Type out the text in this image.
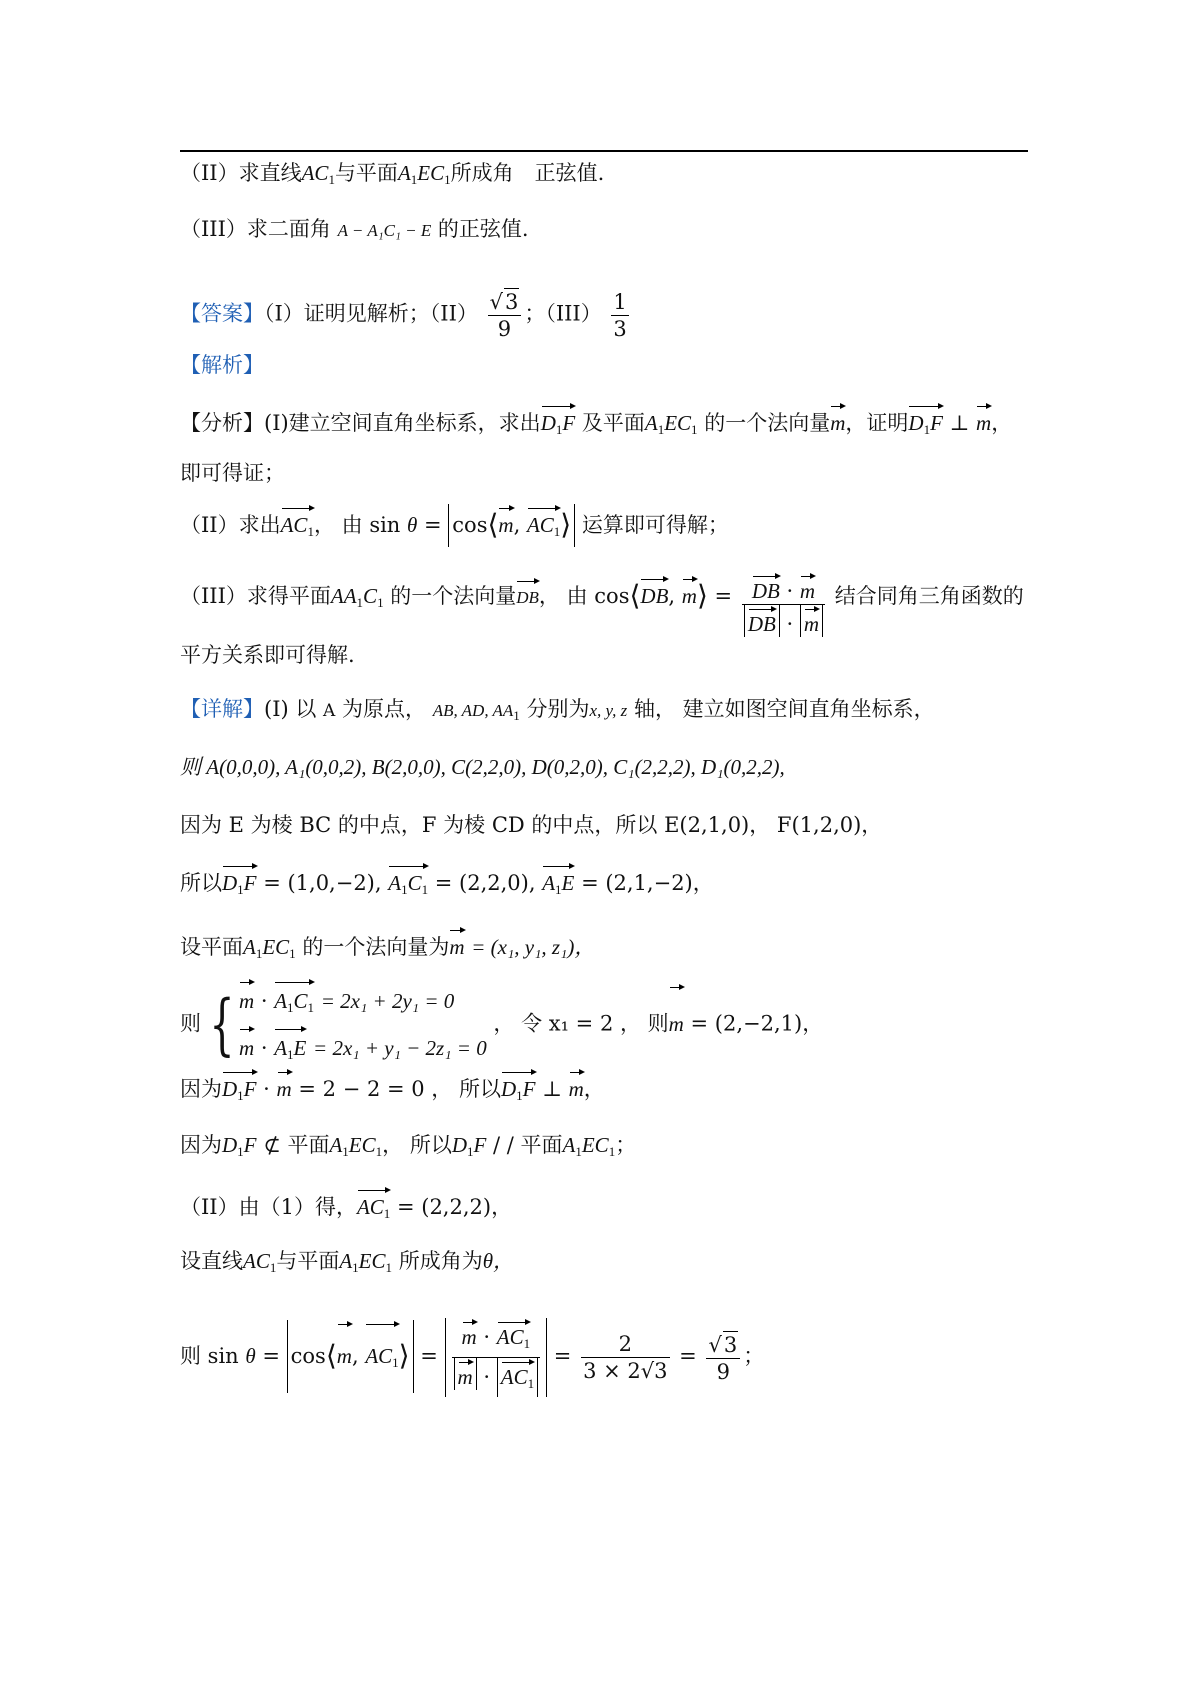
（II）求直线$AC_1$与平面$A_1EC_1$所成角　正弦值.
（III）求二面角 A − A₁C₁ − E 的正弦值.
【答案】（I）证明见解析；$(II) \frac{√3}{9}$ ；$(III) \frac{1}{3}$
【解析】
【分析】(I)建立空间直角坐标系，求出$D_1F$ 及平面$A_1EC_1$ 的一个法向量m，证明$D_1F$ ⊥ m，
即可得证；
（II）求出$AC_1$， 由 sin θ = cos⟨m, $AC_1⟩$ 运算即可得解；
（III）求得平面$AA_1C_1$ 的一个法向量DB， 由 cos⟨DB, m⟩ = $\frac{DB \cdot m}{DB \cdot m}$ 结合同角三角函数的
平方关系即可得解.
【详解】(I) 以 A 为原点， AB, AD, $AA_1$ 分别为x, y, z 轴， 建立如图空间直角坐标系，
则 A(0,0,0), A₁(0,0,2), B(2,0,0), C(2,2,0), D(0,2,0), C₁(2,2,2), D₁(0,2,2),
因为 E 为棱 BC 的中点，F 为棱 CD 的中点，所以 E(2,1,0)， F(1,2,0)，
所以$D_1F = (1,0,-2)$, $A_1C_1 = (2,2,0)$, $A_1E = (2,1,-2)$，
设平面$A_1EC_1$ 的一个法向量为m = (x₁, y₁, z₁)，
则 { $m \cdot A_1C_1 = 2x_1 + 2y_1 = 0$
$m \cdot A_1E = 2x_1 + y_1 - 2z_1 = 0$
， 令 x₁ = 2 ， 则m = (2,−2,1)，
因为$D_1F \cdot m = 2 - 2 = 0$ ， 所以$D_1F$ ⊥ m，
因为$D_1F$ ⊄ 平面$A_1EC_1$， 所以$D_1F$ / / 平面$A_1EC_1$；
（II）由（1）得，$AC_1 = (2,2,2)$，
设直线$AC_1$与平面$A_1EC_1$ 所成角为θ，
则 sin θ = cos⟨m, $AC_1⟩ = \frac{m \cdot AC_1}{m \cdot AC_1} = \frac{2}{3 \times 2√3} = \frac{√3}{9}$ ；
